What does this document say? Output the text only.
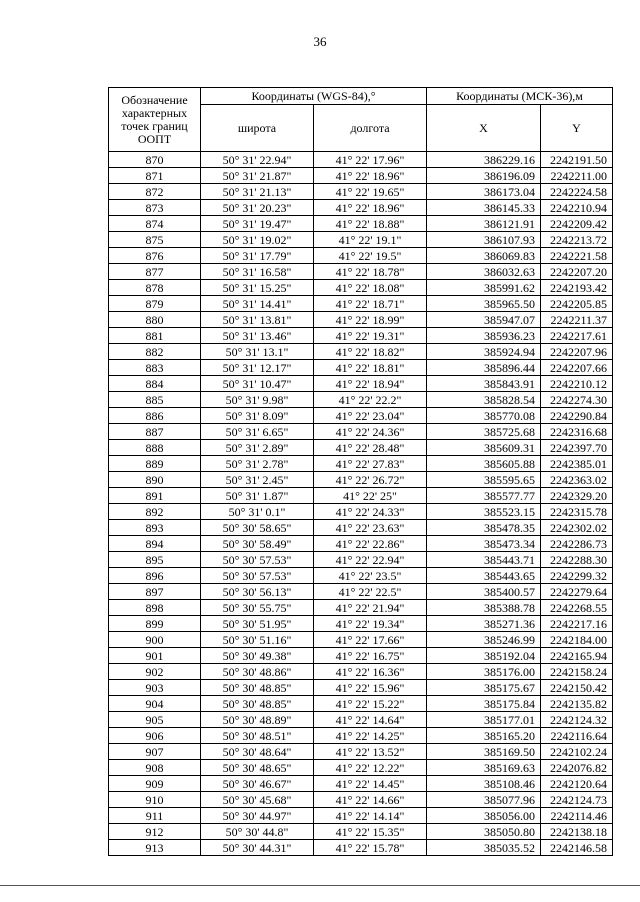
36
Обозначение характерных точек границ ООПТ	Координаты (WGS-84),°		Координаты (МСК-36),м	
	широта	долгота	X	Y
870	50° 31' 22.94"	41° 22' 17.96"	386229.16	2242191.50
871	50° 31' 21.87"	41° 22' 18.96"	386196.09	2242211.00
872	50° 31' 21.13"	41° 22' 19.65"	386173.04	2242224.58
873	50° 31' 20.23"	41° 22' 18.96"	386145.33	2242210.94
874	50° 31' 19.47"	41° 22' 18.88"	386121.91	2242209.42
875	50° 31' 19.02"	41° 22' 19.1"	386107.93	2242213.72
876	50° 31' 17.79"	41° 22' 19.5"	386069.83	2242221.58
877	50° 31' 16.58"	41° 22' 18.78"	386032.63	2242207.20
878	50° 31' 15.25"	41° 22' 18.08"	385991.62	2242193.42
879	50° 31' 14.41"	41° 22' 18.71"	385965.50	2242205.85
880	50° 31' 13.81"	41° 22' 18.99"	385947.07	2242211.37
881	50° 31' 13.46"	41° 22' 19.31"	385936.23	2242217.61
882	50° 31' 13.1"	41° 22' 18.82"	385924.94	2242207.96
883	50° 31' 12.17"	41° 22' 18.81"	385896.44	2242207.66
884	50° 31' 10.47"	41° 22' 18.94"	385843.91	2242210.12
885	50° 31' 9.98"	41° 22' 22.2"	385828.54	2242274.30
886	50° 31' 8.09"	41° 22' 23.04"	385770.08	2242290.84
887	50° 31' 6.65"	41° 22' 24.36"	385725.68	2242316.68
888	50° 31' 2.89"	41° 22' 28.48"	385609.31	2242397.70
889	50° 31' 2.78"	41° 22' 27.83"	385605.88	2242385.01
890	50° 31' 2.45"	41° 22' 26.72"	385595.65	2242363.02
891	50° 31' 1.87"	41° 22' 25"	385577.77	2242329.20
892	50° 31' 0.1"	41° 22' 24.33"	385523.15	2242315.78
893	50° 30' 58.65"	41° 22' 23.63"	385478.35	2242302.02
894	50° 30' 58.49"	41° 22' 22.86"	385473.34	2242286.73
895	50° 30' 57.53"	41° 22' 22.94"	385443.71	2242288.30
896	50° 30' 57.53"	41° 22' 23.5"	385443.65	2242299.32
897	50° 30' 56.13"	41° 22' 22.5"	385400.57	2242279.64
898	50° 30' 55.75"	41° 22' 21.94"	385388.78	2242268.55
899	50° 30' 51.95"	41° 22' 19.34"	385271.36	2242217.16
900	50° 30' 51.16"	41° 22' 17.66"	385246.99	2242184.00
901	50° 30' 49.38"	41° 22' 16.75"	385192.04	2242165.94
902	50° 30' 48.86"	41° 22' 16.36"	385176.00	2242158.24
903	50° 30' 48.85"	41° 22' 15.96"	385175.67	2242150.42
904	50° 30' 48.85"	41° 22' 15.22"	385175.84	2242135.82
905	50° 30' 48.89"	41° 22' 14.64"	385177.01	2242124.32
906	50° 30' 48.51"	41° 22' 14.25"	385165.20	2242116.64
907	50° 30' 48.64"	41° 22' 13.52"	385169.50	2242102.24
908	50° 30' 48.65"	41° 22' 12.22"	385169.63	2242076.82
909	50° 30' 46.67"	41° 22' 14.45"	385108.46	2242120.64
910	50° 30' 45.68"	41° 22' 14.66"	385077.96	2242124.73
911	50° 30' 44.97"	41° 22' 14.14"	385056.00	2242114.46
912	50° 30' 44.8"	41° 22' 15.35"	385050.80	2242138.18
913	50° 30' 44.31"	41° 22' 15.78"	385035.52	2242146.58
